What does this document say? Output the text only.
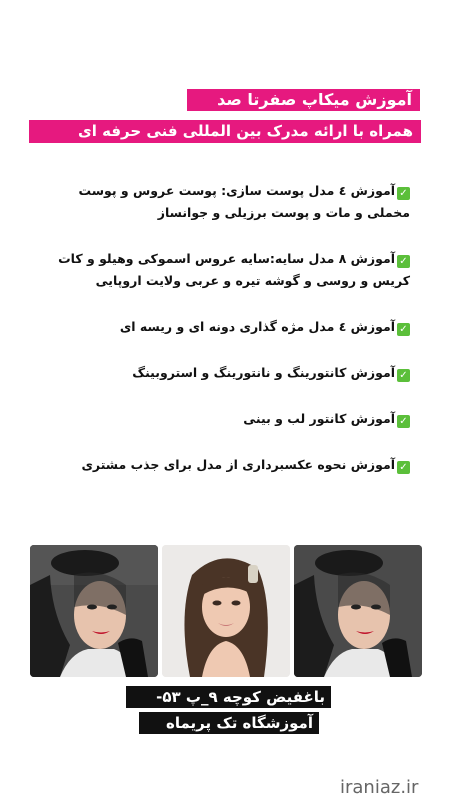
آموزش میکاپ صفرتا صد
همراه با ارائه مدرک بین المللی فنی حرفه ای
✓آموزش ٤ مدل پوست سازی: پوست عروس و پوست مخملی و مات و پوست برزیلی و جوانساز
✓آموزش ۸ مدل سایه:سایه عروس اسموکی وهیلو و کات کریس و روسی و گوشه تیره و عربی ولایت اروپایی
✓آموزش ٤ مدل مژه گذاری دونه ای و ریسه ای
✓آموزش کانتورینگ و نانتورینگ و استروبینگ
✓آموزش کانتور لب و بینی
✓آموزش نحوه عکسبرداری از مدل برای جذب مشتری
باغفیض کوچه ۹_پ ۵۳-
آموزشگاه تک پریماه
iraniaz.ir
